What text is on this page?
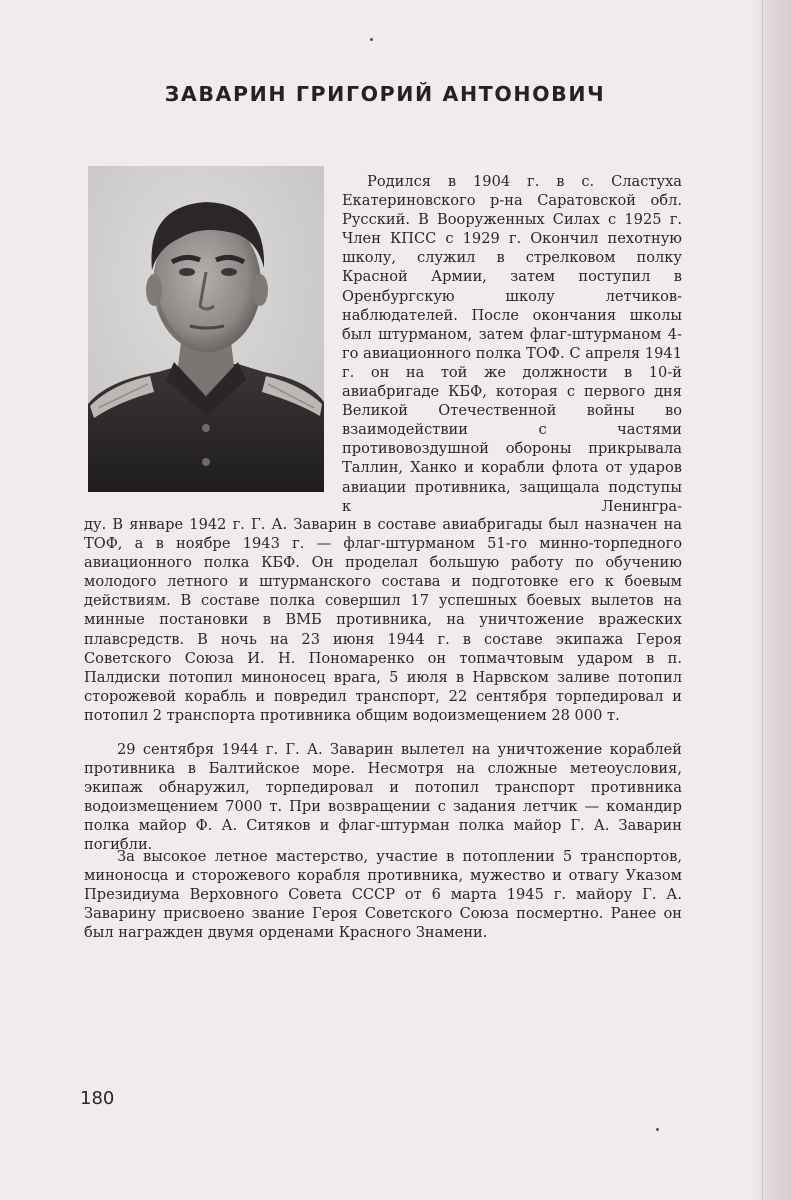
ЗАВАРИН ГРИГОРИЙ АНТОНОВИЧ

Родился в 1904 г. в с. Сластуха Екатериновского р-на Саратовской обл. Русский. В Вооруженных Силах с 1925 г. Член КПСС с 1929 г. Окончил пехотную школу, служил в стрелковом полку Красной Армии, затем поступил в Оренбургскую школу летчиков-наблюдателей. После окончания школы был штурманом, затем флаг-штурманом 4-го авиационного полка ТОФ. С апреля 1941 г. он на той же должности в 10-й авиабригаде КБФ, которая с первого дня Великой Отечественной войны во взаимодействии с частями противовоздушной обороны прикрывала Таллин, Ханко и корабли флота от ударов авиации противника, защищала подступы к Ленингра-

ду. В январе 1942 г. Г. А. Заварин в составе авиабригады был назначен на ТОФ, а в ноябре 1943 г. — флаг-штурманом 51-го минно-торпедного авиационного полка КБФ. Он проделал большую работу по обучению молодого летного и штурманского состава и подготовке его к боевым действиям. В составе полка совершил 17 успешных боевых вылетов на минные постановки в ВМБ противника, на уничтожение вражеских плавсредств. В ночь на 23 июня 1944 г. в составе экипажа Героя Советского Союза И. Н. Пономаренко он топмачтовым ударом в п. Палдиски потопил миноносец врага, 5 июля в Нарвском заливе потопил сторожевой корабль и повредил транспорт, 22 сентября торпедировал и потопил 2 транспорта противника общим водоизмещением 28 000 т.

29 сентября 1944 г. Г. А. Заварин вылетел на уничтожение кораблей противника в Балтийское море. Несмотря на сложные метеоусловия, экипаж обнаружил, торпедировал и потопил транспорт противника водоизмещением 7000 т. При возвращении с задания летчик — командир полка майор Ф. А. Ситяков и флаг-штурман полка майор Г. А. Заварин погибли.

За высокое летное мастерство, участие в потоплении 5 транспортов, миноносца и сторожевого корабля противника, мужество и отвагу Указом Президиума Верховного Совета СССР от 6 марта 1945 г. майору Г. А. Заварину присвоено звание Героя Советского Союза посмертно. Ранее он был награжден двумя орденами Красного Знамени.

180
